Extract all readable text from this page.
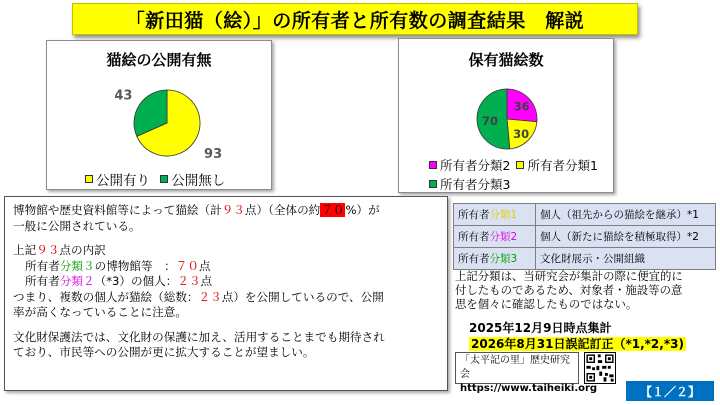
「新田猫（絵）」の所有者と所有数の調査結果　解説
猫絵の公開有無
93
43
公開有り
公開無し
保有猫絵数
36
30
70
所有者分類2 所有者分類1
所有者分類3

博物館や歴史資料館等によって猫絵（計９３点）（全体の約７０%）が

一般に公開されている。

上記９３点の内訳

所有者分類３の博物館等　：７０点

所有者分類２（*3）の個人：２３点

つまり、複数の個人が猫絵（総数：２３点）を公開しているので、公開

率が高くなっていることに注意。

文化財保護法では、文化財の保護に加え、活用することまでも期待され

ており、市民等への公開が更に拡大することが望ましい。

所有者分類1	個人（祖先からの猫絵を継承）*1
所有者分類2	個人（新たに猫絵を積極取得）*2
所有者分類3	文化財展示・公開組織

上記分類は、当研究会が集計の際に便宜的に

付したものであるため、対象者・施設等の意

思を個々に確認したものではない。

2025年12月9日時点集計

2026年8月31日誤記訂正（*1,*2,*3)

「太平記の里」歴史研究会

https://www.taiheiki.org	【１／２】
